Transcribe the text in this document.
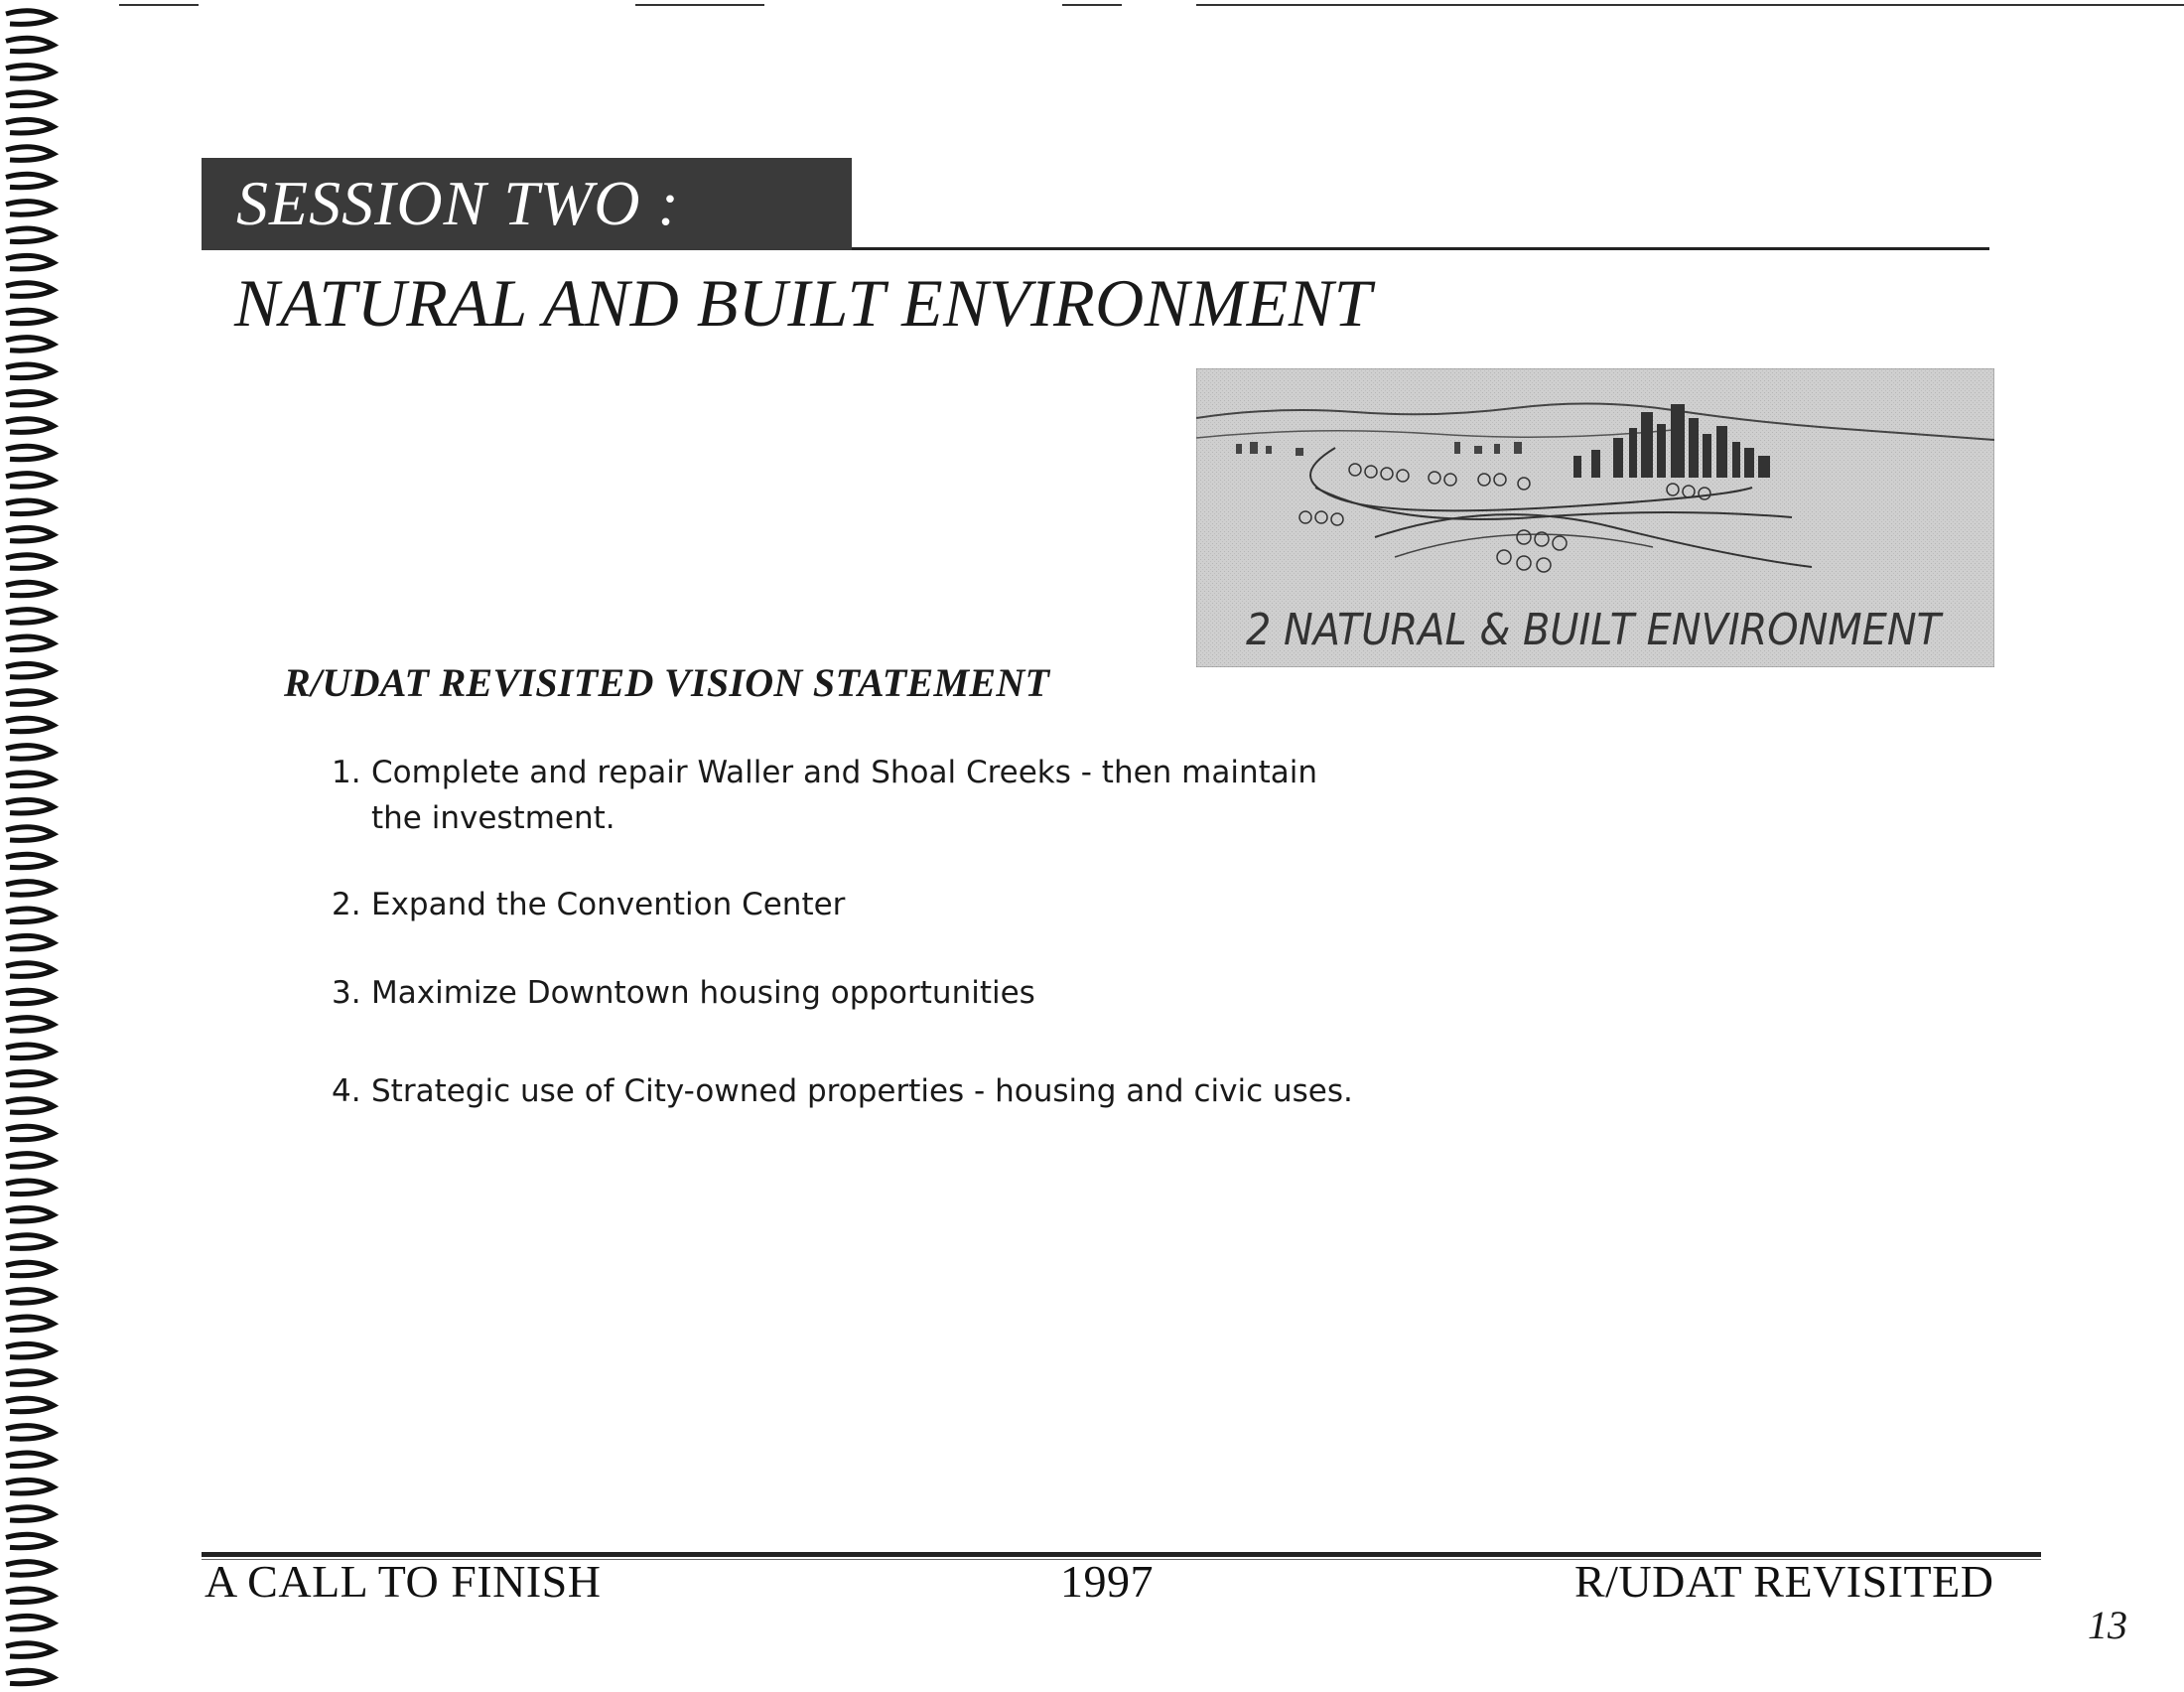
SESSION TWO :
NATURAL AND BUILT ENVIRONMENT
2 NATURAL & BUILT ENVIRONMENT
R/UDAT REVISITED VISION STATEMENT
1. Complete and repair Waller and Shoal Creeks - then maintain
the investment.
2. Expand the Convention Center
3. Maximize Downtown housing opportunities
4. Strategic use of City-owned properties - housing and civic uses.
A CALL TO FINISH	1997	R/UDAT REVISITED
13
